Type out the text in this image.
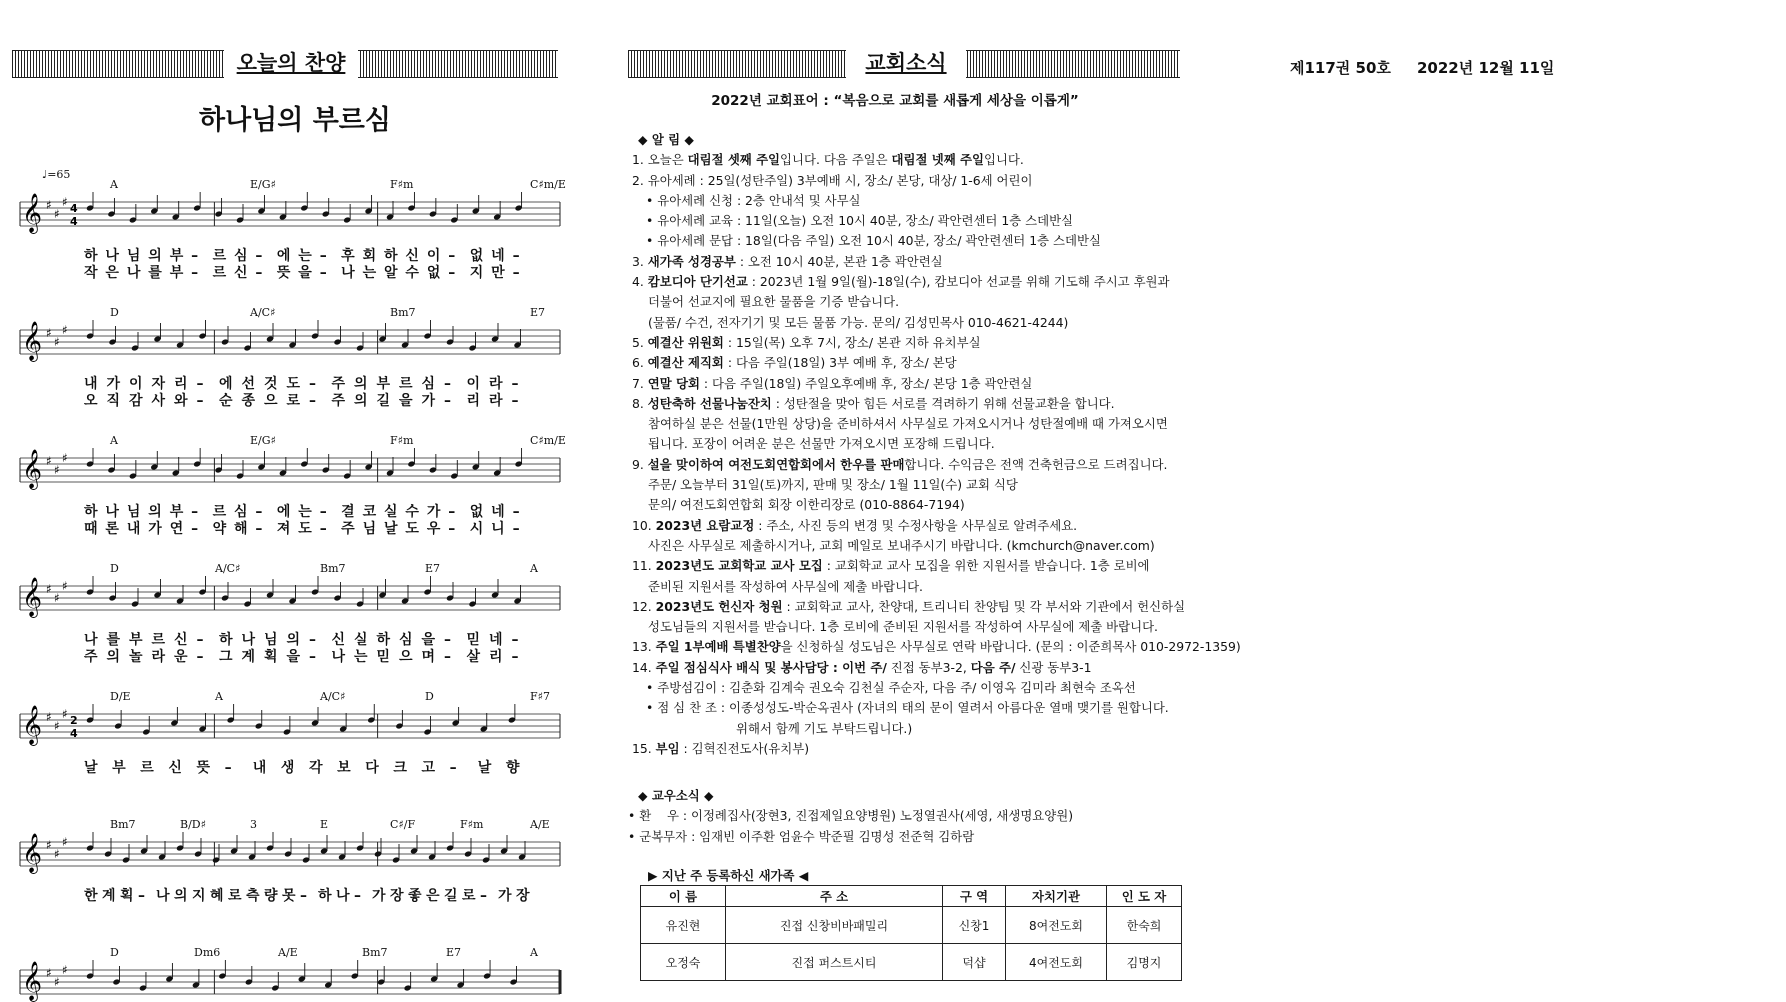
오늘의 찬양
하나님의 부르심
♩=65
𝄞 ♯
♯
♯ 4
4
A	E/G♯	F♯m	C♯m/E
하 나 님 의 부 – 르 심 – 에 는 – 후 회 하 신 이 – 없 네 –
작 은 나 를 부 – 르 신 – 뜻 을 – 나 는 알 수 없 – 지 만 –
𝄞 ♯
♯
♯
D	A/C♯	Bm7	E7
내 가 이 자 리 – 에 선 것 도 – 주 의 부 르 심 – 이 라 –
오 직 감 사 와 – 순 종 으 로 – 주 의 길 을 가 – 리 라 –
𝄞 ♯
♯
♯
A	E/G♯	F♯m	C♯m/E
하 나 님 의 부 – 르 심 – 에 는 – 결 코 실 수 가 – 없 네 –
때 론 내 가 연 – 약 해 – 져 도 – 주 님 날 도 우 – 시 니 –
𝄞 ♯
♯
♯
D	A/C♯	Bm7	E7	A
나 를 부 르 신 – 하 나 님 의 – 신 실 하 심 을 – 믿 네 –
주 의 놀 라 운 – 그 계 획 을 – 나 는 믿 으 며 – 살 리 –
𝄞 ♯
♯
♯ 2
4
D/E	A	A/C♯	D	F♯7
날 부 르 신 뜻 – 내 생 각 보 다 크 고 – 날 향
𝄞 ♯
♯
♯
Bm7	B/D♯	3	E	C♯/F	F♯m	A/E
한 계 획 – 나 의 지 혜 로 측 량 못 – 하 나 – 가 장 좋 은 길 로 – 가 장
𝄞 ♯
♯
♯
D	Dm6	A/E	Bm7	E7	A
교회소식	제117권 50호     2022년 12월 11일
2022년 교회표어 : “복음으로 교회를 새롭게 세상을 이롭게”
◆ 알 림 ◆
1. 오늘은 대림절 셋째 주일입니다. 다음 주일은 대림절 넷째 주일입니다.
2. 유아세례 : 25일(성탄주일) 3부예배 시, 장소/ 본당, 대상/ 1-6세 어린이
• 유아세례 신청 : 2층 안내석 및 사무실
• 유아세례 교육 : 11일(오늘) 오전 10시 40분, 장소/ 곽안련센터 1층 스데반실
• 유아세례 문답 : 18일(다음 주일) 오전 10시 40분, 장소/ 곽안련센터 1층 스데반실
3. 새가족 성경공부 : 오전 10시 40분, 본관 1층 곽안련실
4. 캄보디아 단기선교 : 2023년 1월 9일(월)-18일(수), 캄보디아 선교를 위해 기도해 주시고 후원과
더불어 선교지에 필요한 물품을 기증 받습니다.
(물품/ 수건, 전자기기 및 모든 물품 가능. 문의/ 김성민목사 010-4621-4244)
5. 예결산 위원회 : 15일(목) 오후 7시, 장소/ 본관 지하 유치부실
6. 예결산 제직회 : 다음 주일(18일) 3부 예배 후, 장소/ 본당
7. 연말 당회 : 다음 주일(18일) 주일오후예배 후, 장소/ 본당 1층 곽안련실
8. 성탄축하 선물나눔잔치 : 성탄절을 맞아 힘든 서로를 격려하기 위해 선물교환을 합니다.
참여하실 분은 선물(1만원 상당)을 준비하셔서 사무실로 가져오시거나 성탄절예배 때 가져오시면
됩니다. 포장이 어려운 분은 선물만 가져오시면 포장해 드립니다.
9. 설을 맞이하여 여전도회연합회에서 한우를 판매합니다. 수익금은 전액 건축헌금으로 드려집니다.
주문/ 오늘부터 31일(토)까지, 판매 및 장소/ 1월 11일(수) 교회 식당
문의/ 여전도회연합회 회장 이한리장로 (010-8864-7194)
10. 2023년 요람교정 : 주소, 사진 등의 변경 및 수정사항을 사무실로 알려주세요.
사진은 사무실로 제출하시거나, 교회 메일로 보내주시기 바랍니다. (kmchurch@naver.com)
11. 2023년도 교회학교 교사 모집 : 교회학교 교사 모집을 위한 지원서를 받습니다. 1층 로비에
준비된 지원서를 작성하여 사무실에 제출 바랍니다.
12. 2023년도 헌신자 청원 : 교회학교 교사, 찬양대, 트리니티 찬양팀 및 각 부서와 기관에서 헌신하실
성도님들의 지원서를 받습니다. 1층 로비에 준비된 지원서를 작성하여 사무실에 제출 바랍니다.
13. 주일 1부예배 특별찬양을 신청하실 성도님은 사무실로 연락 바랍니다. (문의 : 이준희목사 010-2972-1359)
14. 주일 점심식사 배식 및 봉사담당 : 이번 주/ 진접 동부3-2, 다음 주/ 신광 동부3-1
• 주방섬김이 : 김춘화 김계숙 권오숙 김천실 주순자, 다음 주/ 이영옥 김미라 최현숙 조옥선
• 점 심 찬 조 : 이종성성도-박순옥권사 (자녀의 태의 문이 열려서 아름다운 열매 맺기를 원합니다.
위해서 함께 기도 부탁드립니다.)
15. 부임 : 김혁진전도사(유치부)
◆ 교우소식 ◆
• 환    우 : 이정례집사(장현3, 진접제일요양병원) 노정열권사(세영, 새생명요양원)
• 군복무자 : 임재빈 이주환 엄윤수 박준필 김명성 전준혁 김하람
▶ 지난 주 등록하신 새가족 ◀
이 름	주 소	구 역	자치기관	인 도 자
유진현	진접 신창비바패밀리	신창1	8여전도회	한숙희
오정숙	진접 퍼스트시티	덕샵	4여전도회	김명지
